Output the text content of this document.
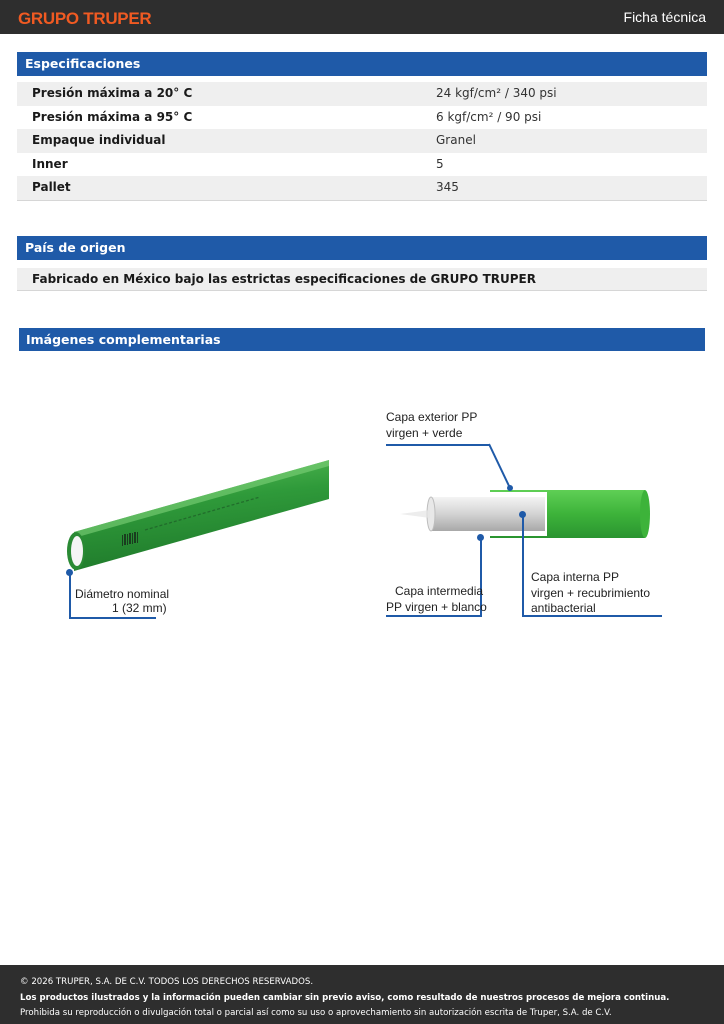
GRUPO TRUPER	Ficha técnica
Especificaciones
Presión máxima a 20° C	24 kgf/cm² / 340 psi
Presión máxima a 95° C	6 kgf/cm² / 90 psi
Empaque individual	Granel
Inner	5
Pallet	345
País de origen
Fabricado en México bajo las estrictas especificaciones de GRUPO TRUPER
Imágenes complementarias
Diámetro nominal
1 (32 mm)
Capa exterior PP
virgen + verde
Capa intermedia
PP virgen + blanco
Capa interna PP
virgen + recubrimiento
antibacterial
© 2026 TRUPER, S.A. DE C.V. TODOS LOS DERECHOS RESERVADOS.
Los productos ilustrados y la información pueden cambiar sin previo aviso, como resultado de nuestros procesos de mejora continua.
Prohibida su reproducción o divulgación total o parcial así como su uso o aprovechamiento sin autorización escrita de Truper, S.A. de C.V.
